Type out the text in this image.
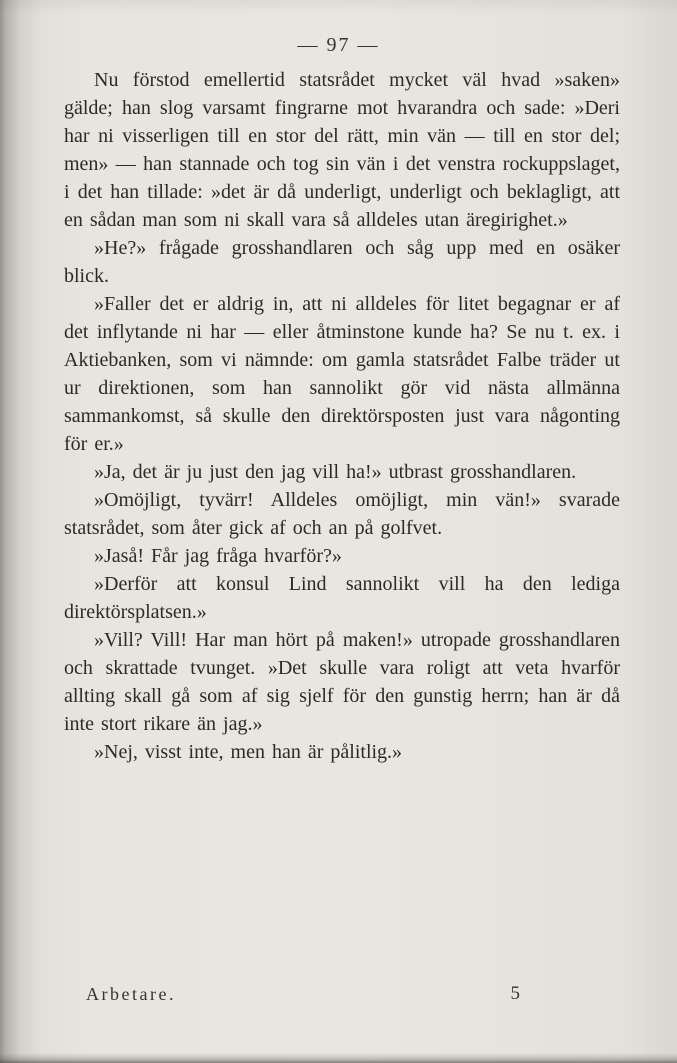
— 97 —

Nu förstod emellertid statsrådet mycket väl hvad »saken» gälde; han slog varsamt fingrarne mot hvarandra och sade: »Deri har ni visserligen till en stor del rätt, min vän — till en stor del; men» — han stannade och tog sin vän i det venstra rockuppslaget, i det han tillade: »det är då underligt, underligt och beklagligt, att en sådan man som ni skall vara så alldeles utan äregirighet.»

»He?» frågade grosshandlaren och såg upp med en osäker blick.

»Faller det er aldrig in, att ni alldeles för litet begagnar er af det inflytande ni har — eller åtminstone kunde ha? Se nu t. ex. i Aktiebanken, som vi nämnde: om gamla statsrådet Falbe träder ut ur direktionen, som han sannolikt gör vid nästa allmänna sammankomst, så skulle den direktörsposten just vara någonting för er.»

»Ja, det är ju just den jag vill ha!» utbrast grosshandlaren.

»Omöjligt, tyvärr! Alldeles omöjligt, min vän!» svarade statsrådet, som åter gick af och an på golfvet.

»Jaså! Får jag fråga hvarför?»

»Derför att konsul Lind sannolikt vill ha den lediga direktörsplatsen.»

»Vill? Vill! Har man hört på maken!» utropade grosshandlaren och skrattade tvunget. »Det skulle vara roligt att veta hvarför allting skall gå som af sig sjelf för den gunstig herrn; han är då inte stort rikare än jag.»

»Nej, visst inte, men han är pålitlig.»

Arbetare.	5
